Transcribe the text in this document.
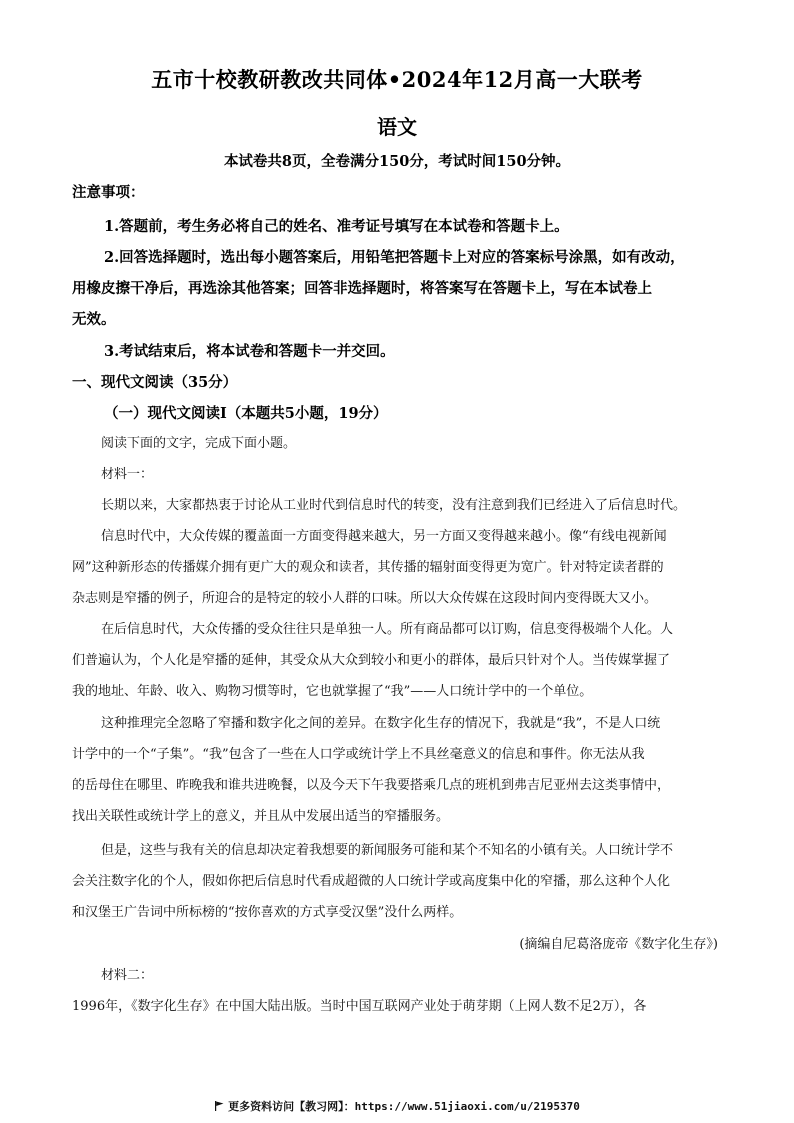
五市十校教研教改共同体•2024年12月高一大联考
语文
本试卷共8页，全卷满分150分，考试时间150分钟。
注意事项：
1.答题前，考生务必将自己的姓名、准考证号填写在本试卷和答题卡上。
2.回答选择题时，选出每小题答案后，用铅笔把答题卡上对应的答案标号涂黑，如有改动，
用橡皮擦干净后，再选涂其他答案；回答非选择题时，将答案写在答题卡上，写在本试卷上
无效。
3.考试结束后，将本试卷和答题卡一并交回。
一、现代文阅读（35分）
（一）现代文阅读Ⅰ（本题共5小题，19分）
阅读下面的文字，完成下面小题。
材料一：
长期以来，大家都热衷于讨论从工业时代到信息时代的转变，没有注意到我们已经进入了后信息时代。
信息时代中，大众传媒的覆盖面一方面变得越来越大，另一方面又变得越来越小。像“有线电视新闻
网”这种新形态的传播媒介拥有更广大的观众和读者，其传播的辐射面变得更为宽广。针对特定读者群的
杂志则是窄播的例子，所迎合的是特定的较小人群的口味。所以大众传媒在这段时间内变得既大又小。
在后信息时代，大众传播的受众往往只是单独一人。所有商品都可以订购，信息变得极端个人化。人
们普遍认为，个人化是窄播的延伸，其受众从大众到较小和更小的群体，最后只针对个人。当传媒掌握了
我的地址、年龄、收入、购物习惯等时，它也就掌握了“我”——人口统计学中的一个单位。
这种推理完全忽略了窄播和数字化之间的差异。在数字化生存的情况下，我就是“我”，不是人口统
计学中的一个“子集”。“我”包含了一些在人口学或统计学上不具丝毫意义的信息和事件。你无法从我
的岳母住在哪里、昨晚我和谁共进晚餐，以及今天下午我要搭乘几点的班机到弗吉尼亚州去这类事情中，
找出关联性或统计学上的意义，并且从中发展出适当的窄播服务。
但是，这些与我有关的信息却决定着我想要的新闻服务可能和某个不知名的小镇有关。人口统计学不
会关注数字化的个人，假如你把后信息时代看成超微的人口统计学或高度集中化的窄播，那么这种个人化
和汉堡王广告词中所标榜的“按你喜欢的方式享受汉堡”没什么两样。
(摘编自尼葛洛庞帝《数字化生存》)
材料二：
1996年，《数字化生存》在中国大陆出版。当时中国互联网产业处于萌芽期（上网人数不足2万），各
更多资料访问【教习网】：https://www.51jiaoxi.com/u/2195370
